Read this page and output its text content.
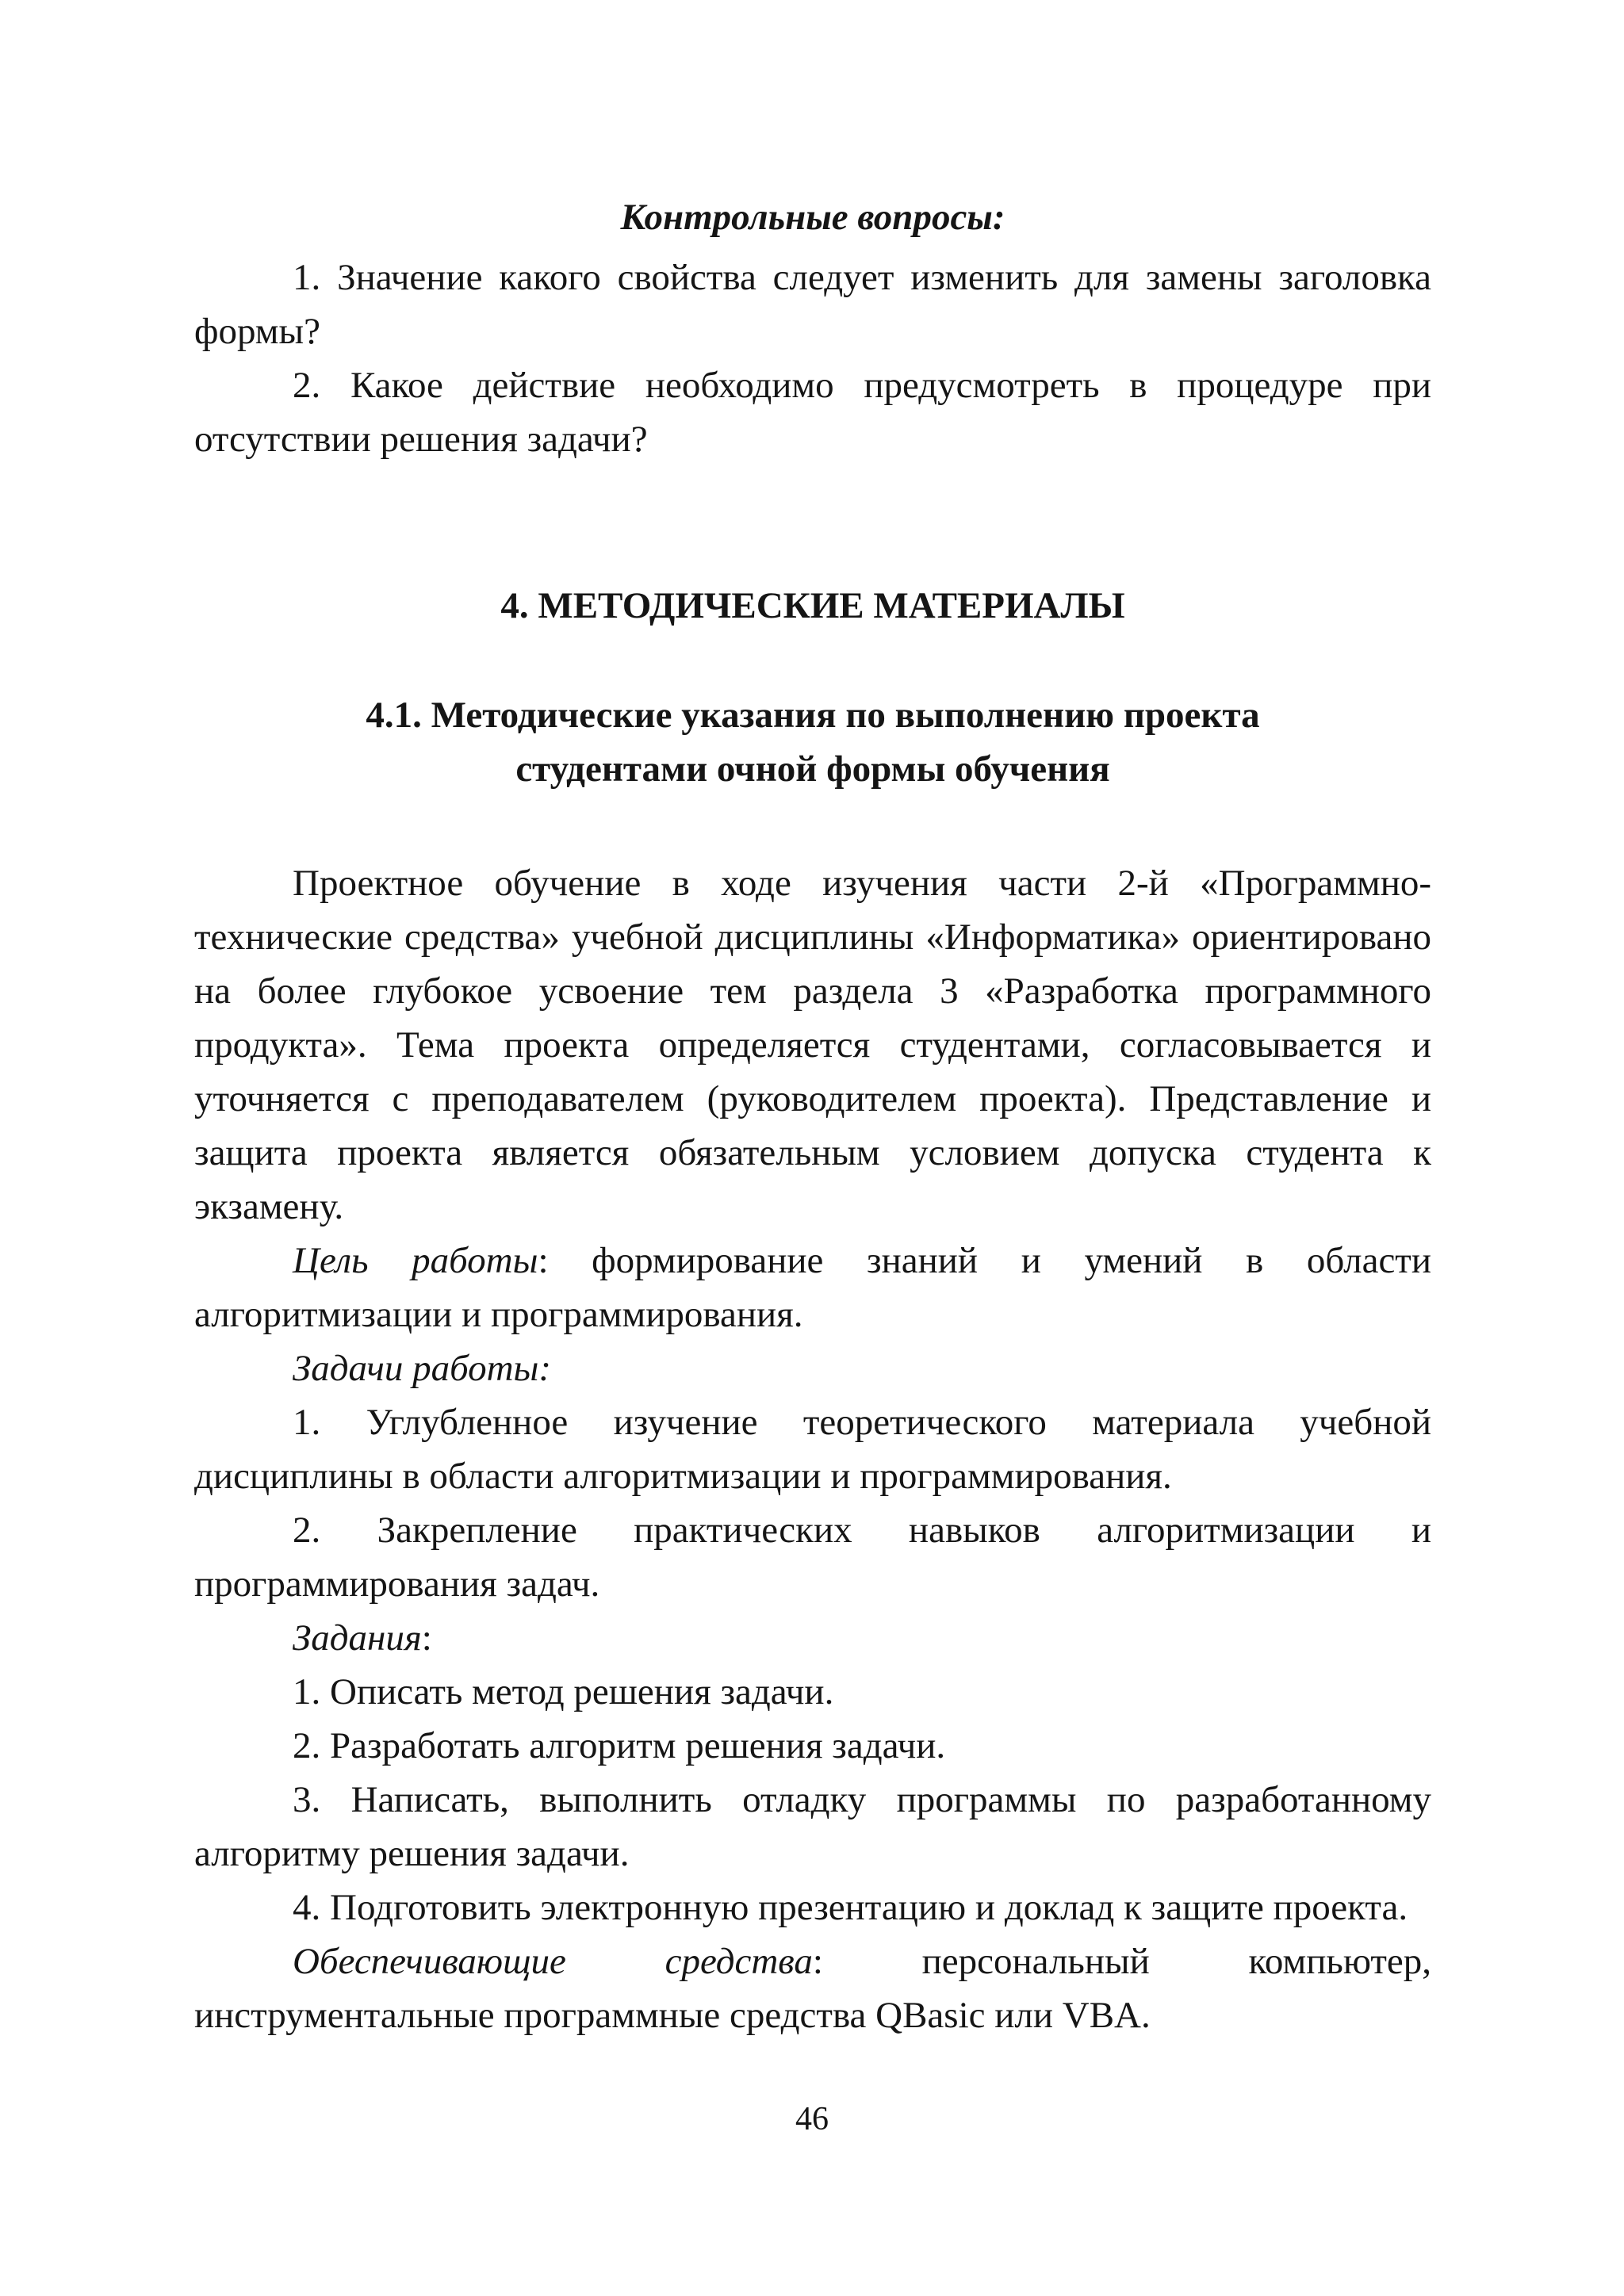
Контрольные вопросы:

1. Значение какого свойства следует изменить для замены заголовка формы?

2. Какое действие необходимо предусмотреть в процедуре при отсутствии решения задачи?

4. МЕТОДИЧЕСКИЕ МАТЕРИАЛЫ

4.1. Методические указания по выполнению проекта
студентами очной формы обучения

Проектное обучение в ходе изучения части 2-й «Программно-технические средства» учебной дисциплины «Информатика» ориентировано на более глубокое усвоение тем раздела 3 «Разработка программного продукта». Тема проекта определяется студентами, согласовывается и уточняется с преподавателем (руководителем проекта). Представление и защита проекта является обязательным условием допуска студента к экзамену.

Цель работы: формирование знаний и умений в области алгоритмизации и программирования.

Задачи работы:

1. Углубленное изучение теоретического материала учебной дисциплины в области алгоритмизации и программирования.

2. Закрепление практических навыков алгоритмизации и программирования задач.

Задания:

1. Описать метод решения задачи.

2. Разработать алгоритм решения задачи.

3. Написать, выполнить отладку программы по разработанному алгоритму решения задачи.

4. Подготовить электронную презентацию и доклад к защите проекта.

Обеспечивающие средства: персональный компьютер, инструментальные программные средства QBasic или VBA.

46
